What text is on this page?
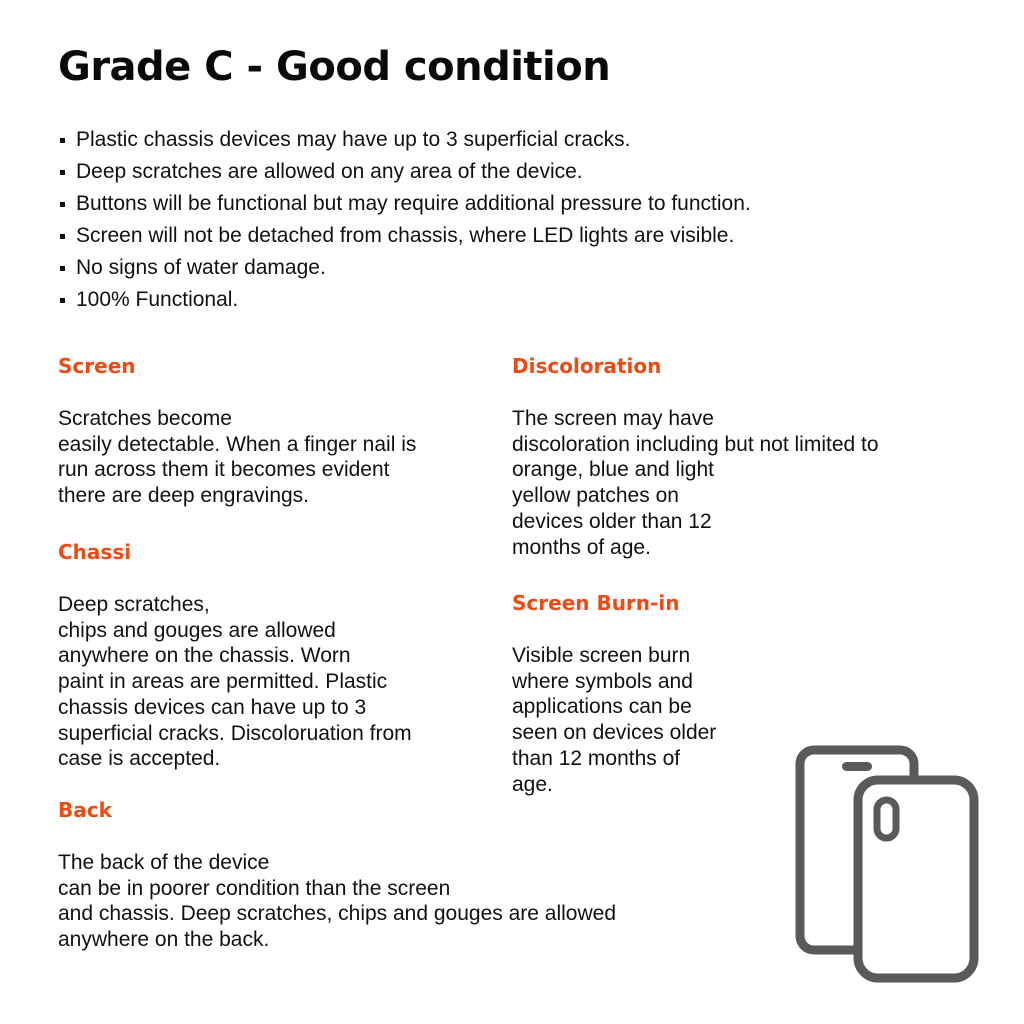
Grade C - Good condition
Plastic chassis devices may have up to 3 superficial cracks.
Deep scratches are allowed on any area of the device.
Buttons will be functional but may require additional pressure to function.
Screen will not be detached from chassis, where LED lights are visible.
No signs of water damage.
100% Functional.
Screen

Scratches become
easily detectable. When a finger nail is
run across them it becomes evident
there are deep engravings.

Chassi

Deep scratches,
chips and gouges are allowed
anywhere on the chassis. Worn
paint in areas are permitted. Plastic
chassis devices can have up to 3
superficial cracks. Discoloruation from
case is accepted.

Back

The back of the device
can be in poorer condition than the screen
and chassis. Deep scratches, chips and gouges are allowed
anywhere on the back.

Discoloration

The screen may have
discoloration including but not limited to
orange, blue and light
yellow patches on
devices older than 12
months of age.

Screen Burn-in

Visible screen burn
where symbols and
applications can be
seen on devices older
than 12 months of
age.
